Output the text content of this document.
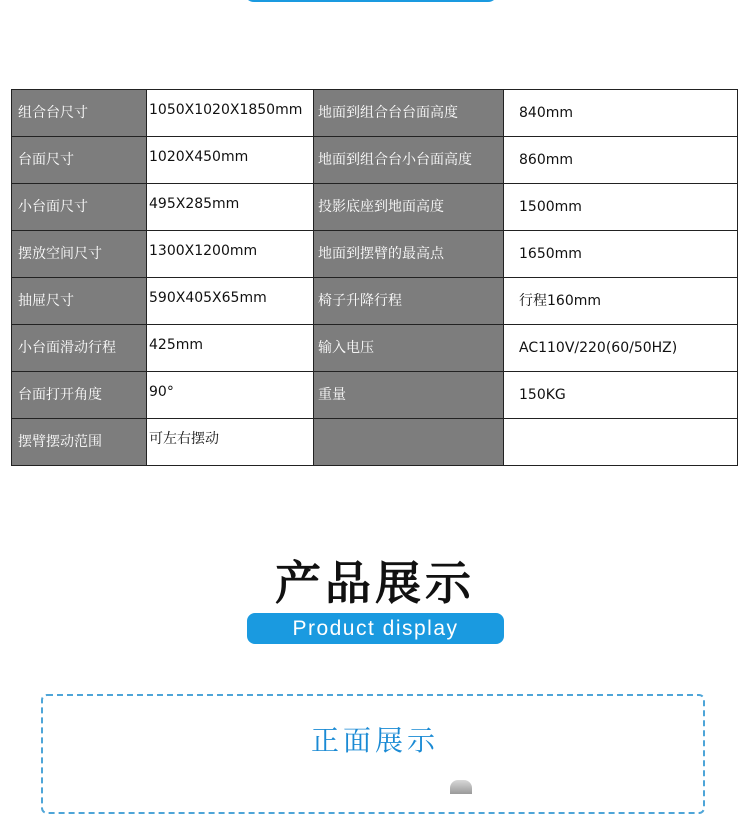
组合台尺寸	1050X1020X1850mm	地面到组合台台面高度	840mm
台面尺寸	1020X450mm	地面到组合台小台面高度	860mm
小台面尺寸	495X285mm	投影底座到地面高度	1500mm
摆放空间尺寸	1300X1200mm	地面到摆臂的最高点	1650mm
抽屉尺寸	590X405X65mm	椅子升降行程	行程160mm
小台面滑动行程	425mm	输入电压	AC110V/220(60/50HZ)
台面打开角度	90°	重量	150KG
摆臂摆动范围	可左右摆动		
产品展示
Product display
正面展示
